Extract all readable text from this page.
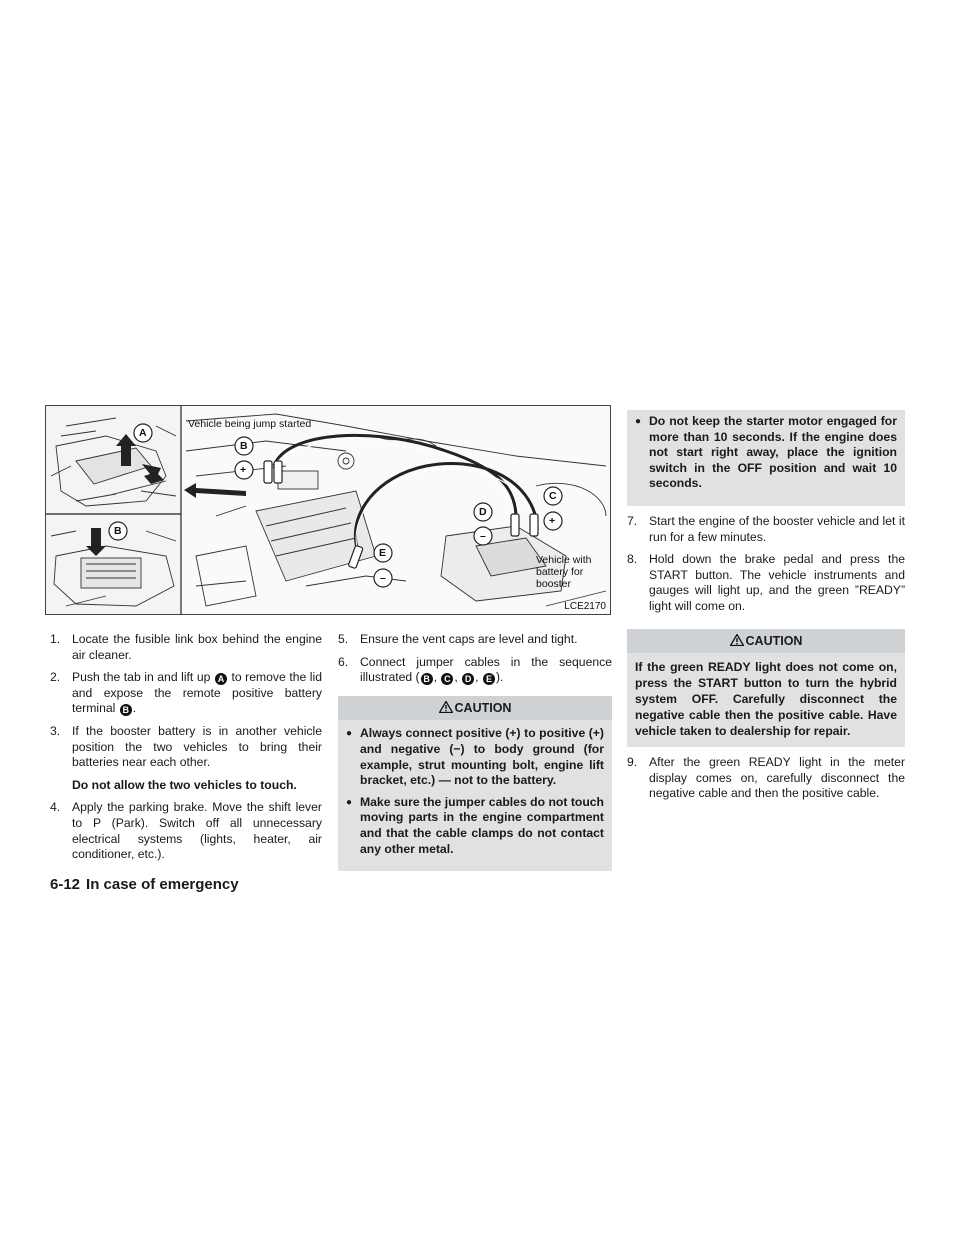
A
B
B
C
D
E
+
+
–
–
Vehicle being jump started
Vehicle with
battery for
booster
LCE2170
1. Locate the fusible link box behind the engine air cleaner.
2. Push the tab in and lift up A to remove the lid and expose the remote positive battery terminal B .
3. If the booster battery is in another vehicle position the two vehicles to bring their batteries near each other.
Do not allow the two vehicles to touch.
4. Apply the parking brake. Move the shift lever to P (Park). Switch off all unnecessary electrical systems (lights, heater, air conditioner, etc.).
5. Ensure the vent caps are level and tight.
6. Connect jumper cables in the sequence illustrated ( B , C , D , E ).
CAUTION
● Always connect positive (+) to positive (+) and negative (−) to body ground (for example, strut mounting bolt, engine lift bracket, etc.) — not to the battery.
● Make sure the jumper cables do not touch moving parts in the engine compartment and that the cable clamps do not contact any other metal.
● Do not keep the starter motor engaged for more than 10 seconds. If the engine does not start right away, place the ignition switch in the OFF position and wait 10 seconds.
7. Start the engine of the booster vehicle and let it run for a few minutes.
8. Hold down the brake pedal and press the START button. The vehicle instruments and gauges will light up, and the green ”READY” light will come on.
CAUTION
If the green READY light does not come on, press the START button to turn the hybrid system OFF. Carefully disconnect the negative cable then the positive cable. Have vehicle taken to dealership for repair.
9. After the green READY light in the meter display comes on, carefully disconnect the negative cable and then the positive cable.
6-12 In case of emergency
